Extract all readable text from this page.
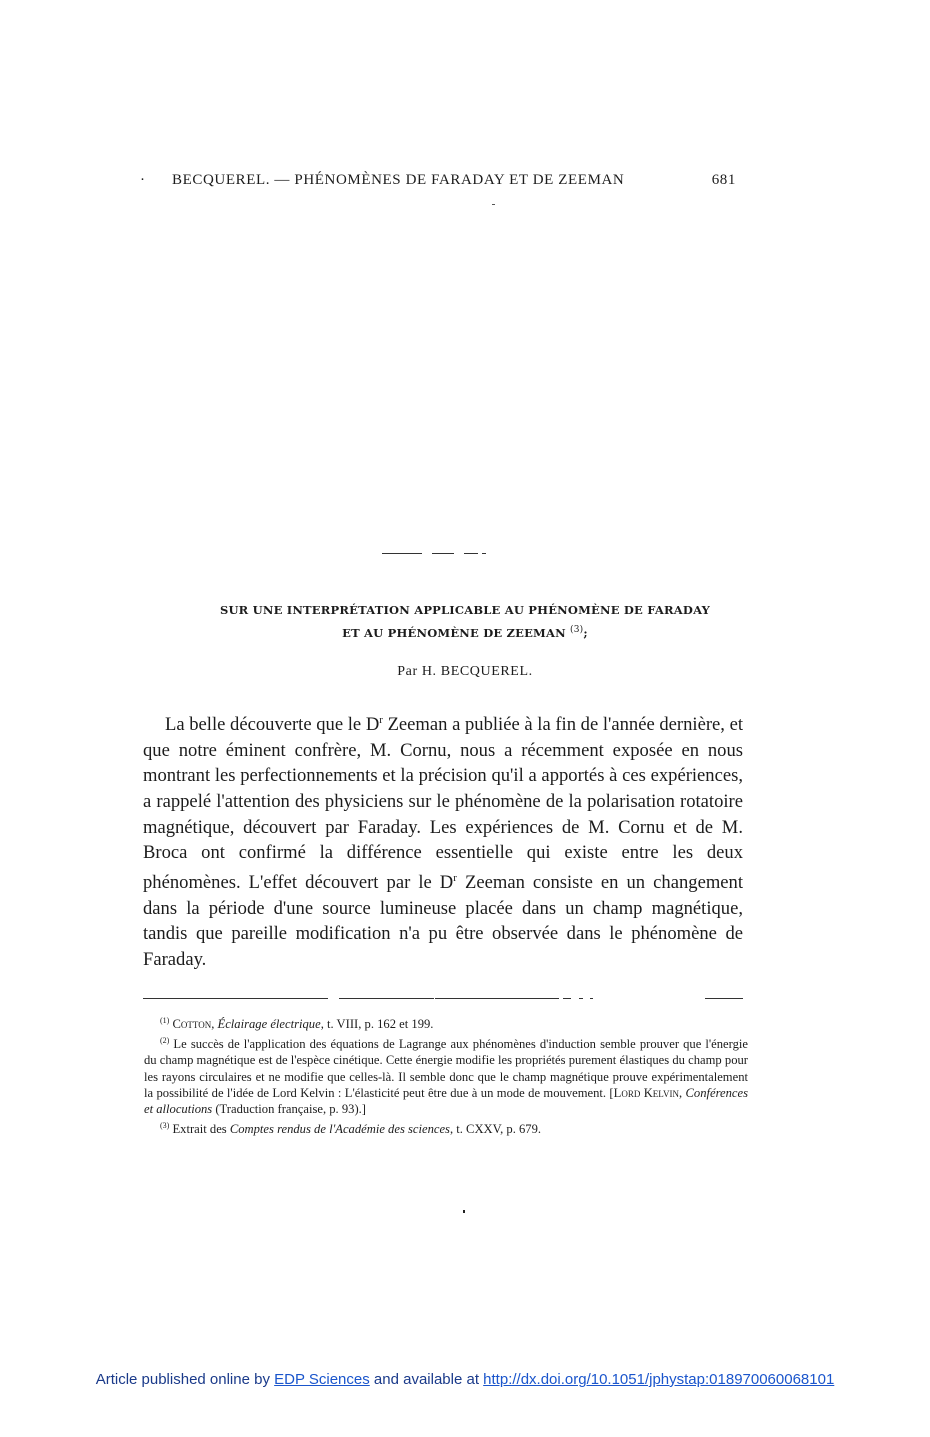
· BECQUEREL. — PHÉNOMÈNES DE FARADAY ET DE ZEEMAN	681
SUR UNE INTERPRÉTATION APPLICABLE AU PHÉNOMÈNE DE FARADAY
ET AU PHÉNOMÈNE DE ZEEMAN $^{(3)}$;
Par H. BECQUEREL.

La belle découverte que le $D^r$ Zeeman a publiée à la fin de l'année dernière, et que notre éminent confrère, M. Cornu, nous a récemment exposée en nous montrant les perfectionnements et la précision qu'il a apportés à ces expériences, a rappelé l'attention des physiciens sur le phénomène de la polarisation rotatoire magnétique, découvert par Faraday. Les expériences de M. Cornu et de M. Broca ont confirmé la différence essentielle qui existe entre les deux phénomènes. L'effet découvert par le $D^r$ Zeeman consiste en un changement dans la période d'une source lumineuse placée dans un champ magnétique, tandis que pareille modification n'a pu être observée dans le phénomène de Faraday.

$^{(1)}$ Cotton, Éclairage électrique, t. VIII, p. 162 et 199.

$^{(2)}$ Le succès de l'application des équations de Lagrange aux phénomènes d'induction semble prouver que l'énergie du champ magnétique est de l'espèce cinétique. Cette énergie modifie les propriétés purement élastiques du champ pour les rayons circulaires et ne modifie que celles-là. Il semble donc que le champ magnétique prouve expérimentalement la possibilité de l'idée de Lord Kelvin : L'élasticité peut être due à un mode de mouvement. [Lord Kelvin, Conférences et allocutions (Traduction française, p. 93).]

$^{(3)}$ Extrait des Comptes rendus de l'Académie des sciences, t. CXXV, p. 679.

Article published online by EDP Sciences and available at http://dx.doi.org/10.1051/jphystap:018970060068101
